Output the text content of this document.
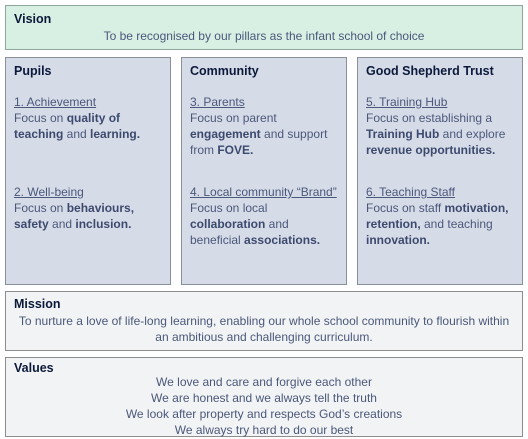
Vision
To be recognised by our pillars as the infant school of choice
Pupils
1. Achievement
Focus on quality of teaching and learning.
2. Well-being
Focus on behaviours, safety and inclusion.
Community
3. Parents
Focus on parent engagement and support from FOVE.
4. Local community “Brand”
Focus on local collaboration and beneficial associations.
Good Shepherd Trust
5. Training Hub
Focus on establishing a Training Hub and explore revenue opportunities.
6. Teaching Staff
Focus on staff motivation, retention, and teaching innovation.
Mission
To nurture a love of life-long learning, enabling our whole school community to flourish within
an ambitious and challenging curriculum.
Values
We love and care and forgive each other
We are honest and we always tell the truth
We look after property and respects God’s creations
We always try hard to do our best
